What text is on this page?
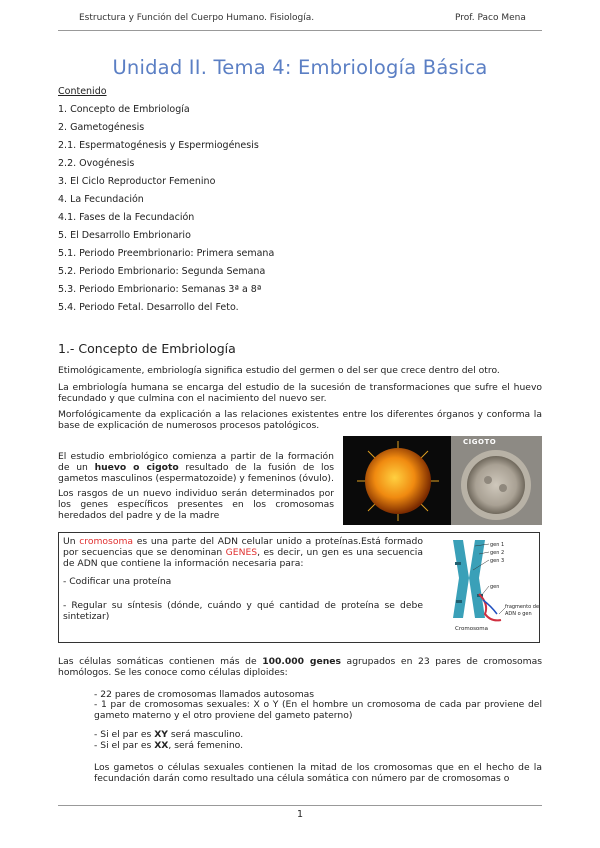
Estructura y Función del Cuerpo Humano. Fisiología.	Prof. Paco Mena
Unidad II. Tema 4: Embriología Básica
Contenido
1. Concepto de Embriología
2. Gametogénesis
2.1. Espermatogénesis y Espermiogénesis
2.2. Ovogénesis
3. El Ciclo Reproductor Femenino
4. La Fecundación
4.1. Fases de la Fecundación
5. El Desarrollo Embrionario
5.1. Periodo Preembrionario: Primera semana
5.2. Periodo Embrionario: Segunda Semana
5.3. Periodo Embrionario: Semanas 3ª a 8ª
5.4. Periodo Fetal. Desarrollo del Feto.
1.- Concepto de Embriología

Etimológicamente, embriología significa estudio del germen o del ser que crece dentro del otro.

La embriología humana se encarga del estudio de la sucesión de transformaciones que sufre el huevo fecundado y que culmina con el nacimiento del nuevo ser.

Morfológicamente da explicación a las relaciones existentes entre los diferentes órganos y conforma la base de explicación de numerosos procesos patológicos.

El estudio embriológico comienza a partir de la formación de un huevo o cigoto resultado de la fusión de los gametos masculinos (espermatozoide) y femeninos (óvulo).

Los rasgos de un nuevo individuo serán determinados por los genes específicos presentes en los cromosomas heredados del padre y de la madre

CIGOTO

Un cromosoma es una parte del ADN celular unido a proteínas.Está formado por secuencias que se denominan GENES, es decir, un gen es una secuencia de ADN que contiene la información necesaria para:

- Codificar una proteína

- Regular su síntesis (dónde, cuándo y qué cantidad de proteína se debe sintetizar)

gen 1
gen 2
gen 3
gen
fragmento de
ADN o gen
Cromosoma

Las células somáticas contienen más de 100.000 genes agrupados en 23 pares de cromosomas homólogos. Se les conoce como células diploides:

- 22 pares de cromosomas llamados autosomas

- 1 par de cromosomas sexuales: X o Y (En el hombre un cromosoma de cada par proviene del gameto materno y el otro proviene del gameto paterno)

- Si el par es XY será masculino.

- Si el par es XX, será femenino.

Los gametos o células sexuales contienen la mitad de los cromosomas que en el hecho de la fecundación darán como resultado una célula somática con número par de cromosomas o

1
